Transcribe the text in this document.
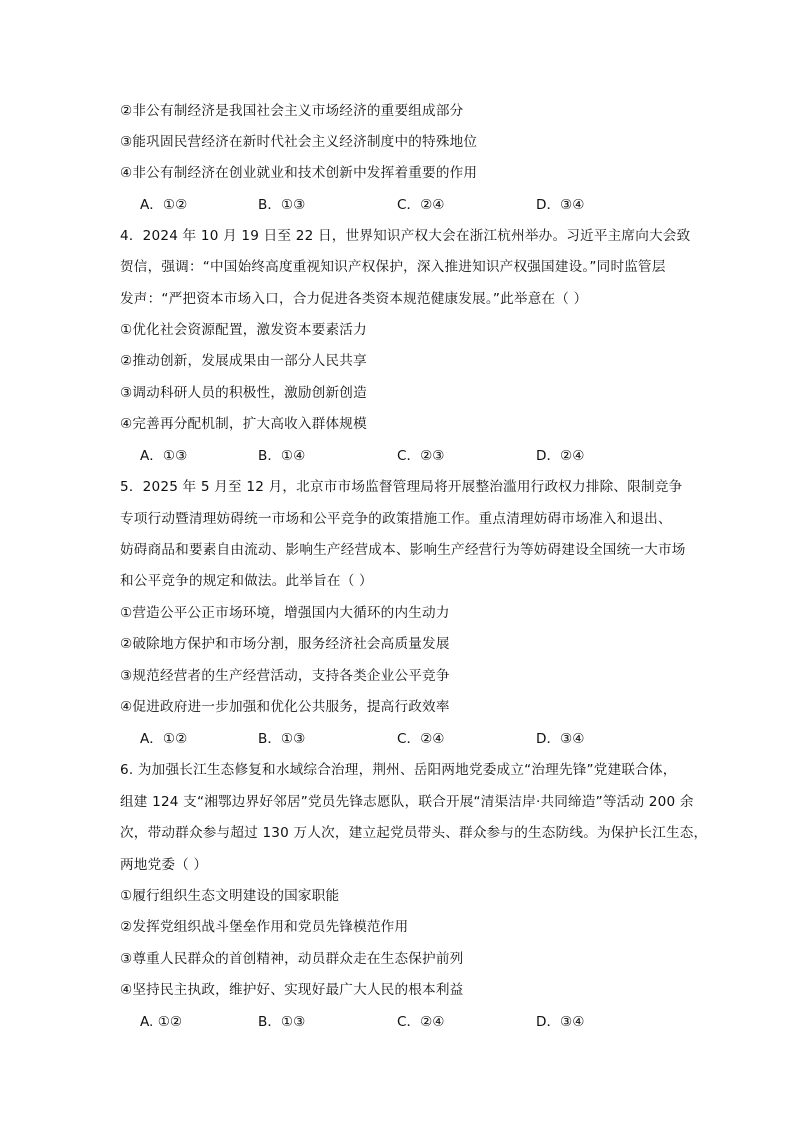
②非公有制经济是我国社会主义市场经济的重要组成部分
③能巩固民营经济在新时代社会主义经济制度中的特殊地位
④非公有制经济在创业就业和技术创新中发挥着重要的作用
A．①②	B．①③	C．②④	D．③④
4．2024 年 10 月 19 日至 22 日，世界知识产权大会在浙江杭州举办。习近平主席向大会致
贺信，强调：“中国始终高度重视知识产权保护，深入推进知识产权强国建设。”同时监管层
发声：“严把资本市场入口，合力促进各类资本规范健康发展。”此举意在（ ）
①优化社会资源配置，激发资本要素活力
②推动创新，发展成果由一部分人民共享
③调动科研人员的积极性，激励创新创造
④完善再分配机制，扩大高收入群体规模
A．①③	B．①④	C．②③	D．②④
5．2025 年 5 月至 12 月，北京市市场监督管理局将开展整治滥用行政权力排除、限制竞争
专项行动暨清理妨碍统一市场和公平竞争的政策措施工作。重点清理妨碍市场准入和退出、
妨碍商品和要素自由流动、影响生产经营成本、影响生产经营行为等妨碍建设全国统一大市场
和公平竞争的规定和做法。此举旨在（ ）
①营造公平公正市场环境，增强国内大循环的内生动力
②破除地方保护和市场分割，服务经济社会高质量发展
③规范经营者的生产经营活动，支持各类企业公平竞争
④促进政府进一步加强和优化公共服务，提高行政效率
A．①②	B．①③	C．②④	D．③④
6. 为加强长江生态修复和水域综合治理，荆州、岳阳两地党委成立“治理先锋”党建联合体，
组建 124 支“湘鄂边界好邻居”党员先锋志愿队，联合开展“清渠洁岸·共同缔造”等活动 200 余
次，带动群众参与超过 130 万人次，建立起党员带头、群众参与的生态防线。为保护长江生态，
两地党委（ ）
①履行组织生态文明建设的国家职能
②发挥党组织战斗堡垒作用和党员先锋模范作用
③尊重人民群众的首创精神，动员群众走在生态保护前列
④坚持民主执政，维护好、实现好最广大人民的根本利益
A. ①②	B．①③	C．②④	D．③④
